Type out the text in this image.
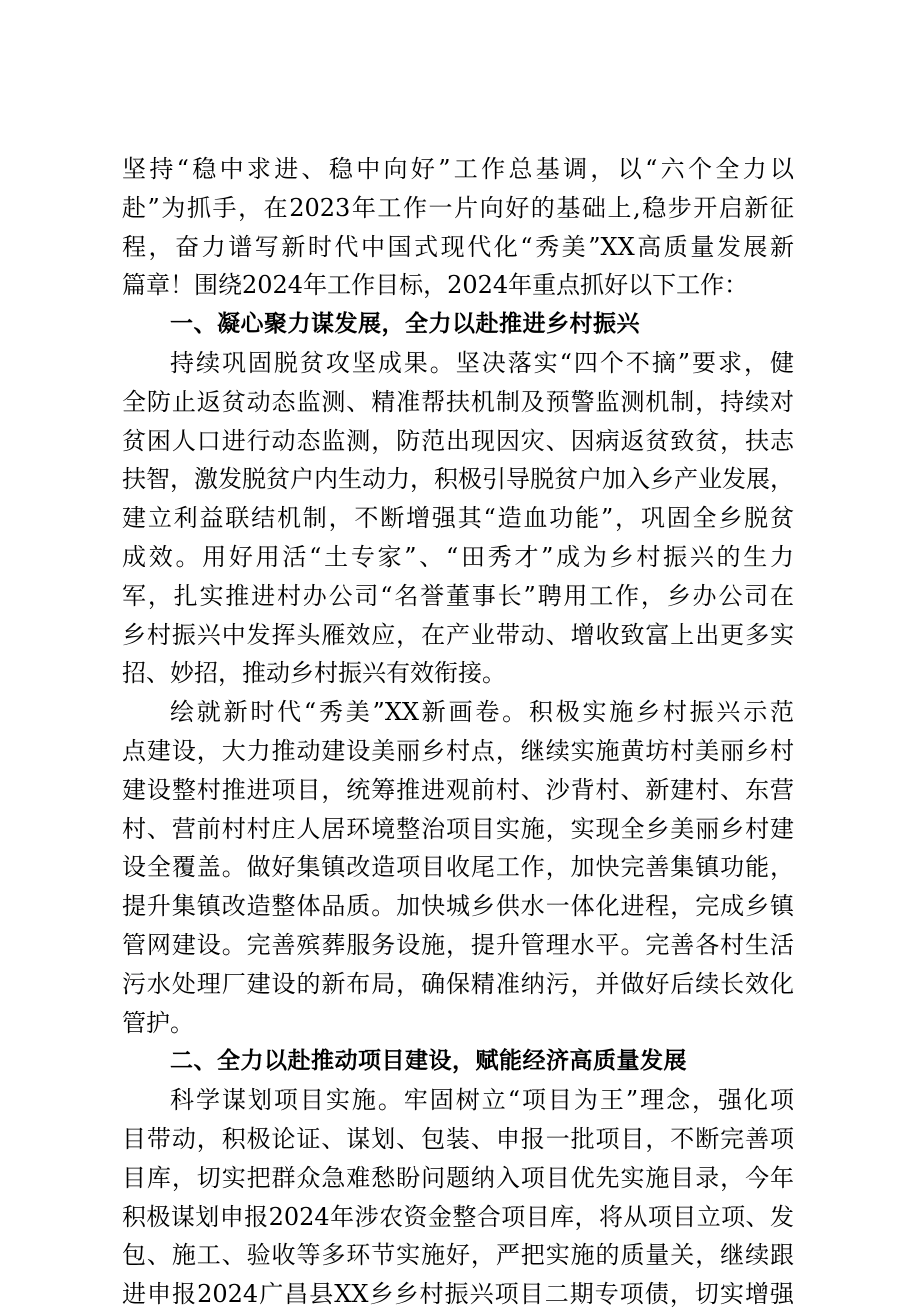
坚持“稳中求进、稳中向好”工作总基调，以“六个全力以
赴”为抓手，在2023年工作一片向好的基础上,稳步开启新征
程，奋力谱写新时代中国式现代化“秀美”XX高质量发展新
篇章！围绕2024年工作目标，2024年重点抓好以下工作：
一、凝心聚力谋发展，全力以赴推进乡村振兴
持续巩固脱贫攻坚成果。坚决落实“四个不摘”要求，健
全防止返贫动态监测、精准帮扶机制及预警监测机制，持续对
贫困人口进行动态监测，防范出现因灾、因病返贫致贫，扶志
扶智，激发脱贫户内生动力，积极引导脱贫户加入乡产业发展，
建立利益联结机制，不断增强其“造血功能”，巩固全乡脱贫
成效。用好用活“土专家”、“田秀才”成为乡村振兴的生力
军，扎实推进村办公司“名誉董事长”聘用工作，乡办公司在
乡村振兴中发挥头雁效应，在产业带动、增收致富上出更多实
招、妙招，推动乡村振兴有效衔接。
绘就新时代“秀美”XX新画卷。积极实施乡村振兴示范
点建设，大力推动建设美丽乡村点，继续实施黄坊村美丽乡村
建设整村推进项目，统筹推进观前村、沙背村、新建村、东营
村、营前村村庄人居环境整治项目实施，实现全乡美丽乡村建
设全覆盖。做好集镇改造项目收尾工作，加快完善集镇功能，
提升集镇改造整体品质。加快城乡供水一体化进程，完成乡镇
管网建设。完善殡葬服务设施，提升管理水平。完善各村生活
污水处理厂建设的新布局，确保精准纳污，并做好后续长效化
管护。
二、全力以赴推动项目建设，赋能经济高质量发展
科学谋划项目实施。牢固树立“项目为王”理念，强化项
目带动，积极论证、谋划、包装、申报一批项目，不断完善项
目库，切实把群众急难愁盼问题纳入项目优先实施目录，今年
积极谋划申报2024年涉农资金整合项目库，将从项目立项、发
包、施工、验收等多环节实施好，严把实施的质量关，继续跟
进申报2024广昌县XX乡乡村振兴项目二期专项债，切实增强
